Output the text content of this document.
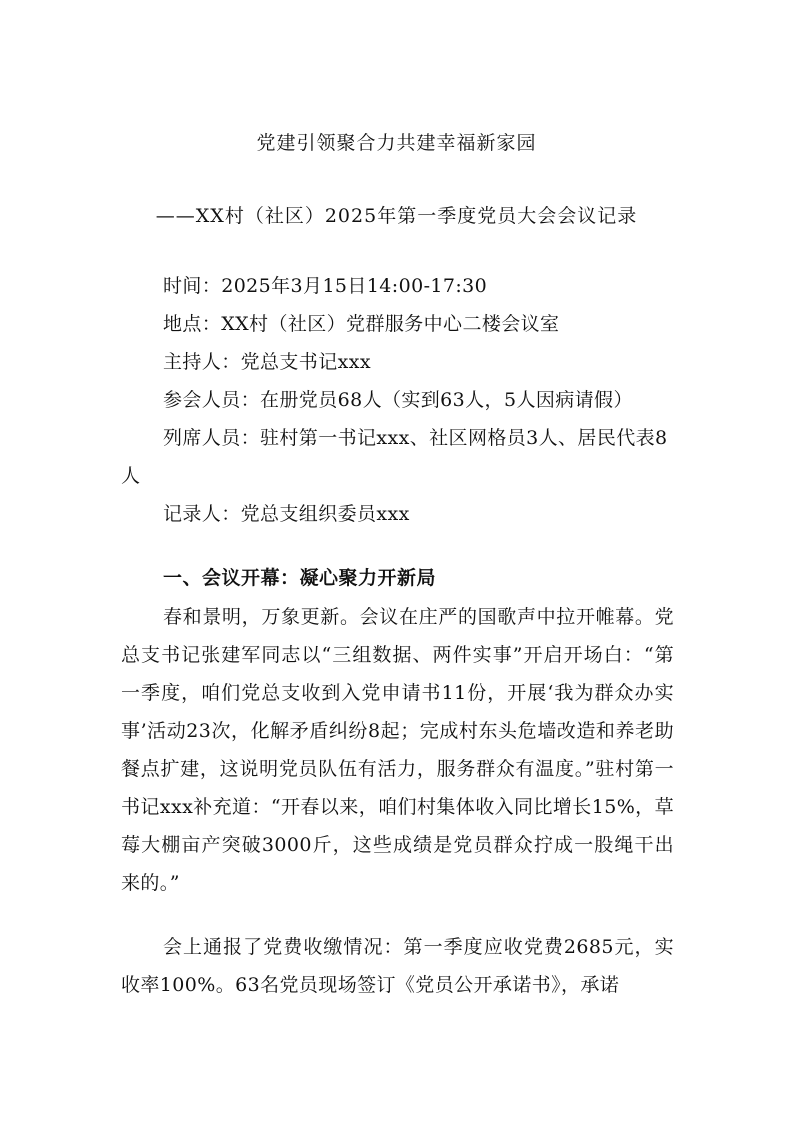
党建引领聚合力共建幸福新家园
——XX村（社区）2025年第一季度党员大会会议记录

时间：2025年3月15日14:00-17:30

地点：XX村（社区）党群服务中心二楼会议室

主持人：党总支书记xxx

参会人员：在册党员68人（实到63人，5人因病请假）

列席人员：驻村第一书记xxx、社区网格员3人、居民代表8人

记录人：党总支组织委员xxx

一、会议开幕：凝心聚力开新局

春和景明，万象更新。会议在庄严的国歌声中拉开帷幕。党总支书记张建军同志以“三组数据、两件实事”开启开场白：“第一季度，咱们党总支收到入党申请书11份，开展‘我为群众办实事’活动23次，化解矛盾纠纷8起；完成村东头危墙改造和养老助餐点扩建，这说明党员队伍有活力，服务群众有温度。”驻村第一书记xxx补充道：“开春以来，咱们村集体收入同比增长15%，草莓大棚亩产突破3000斤，这些成绩是党员群众拧成一股绳干出来的。”

会上通报了党费收缴情况：第一季度应收党费2685元，实收率100%。63名党员现场签订《党员公开承诺书》，承诺
